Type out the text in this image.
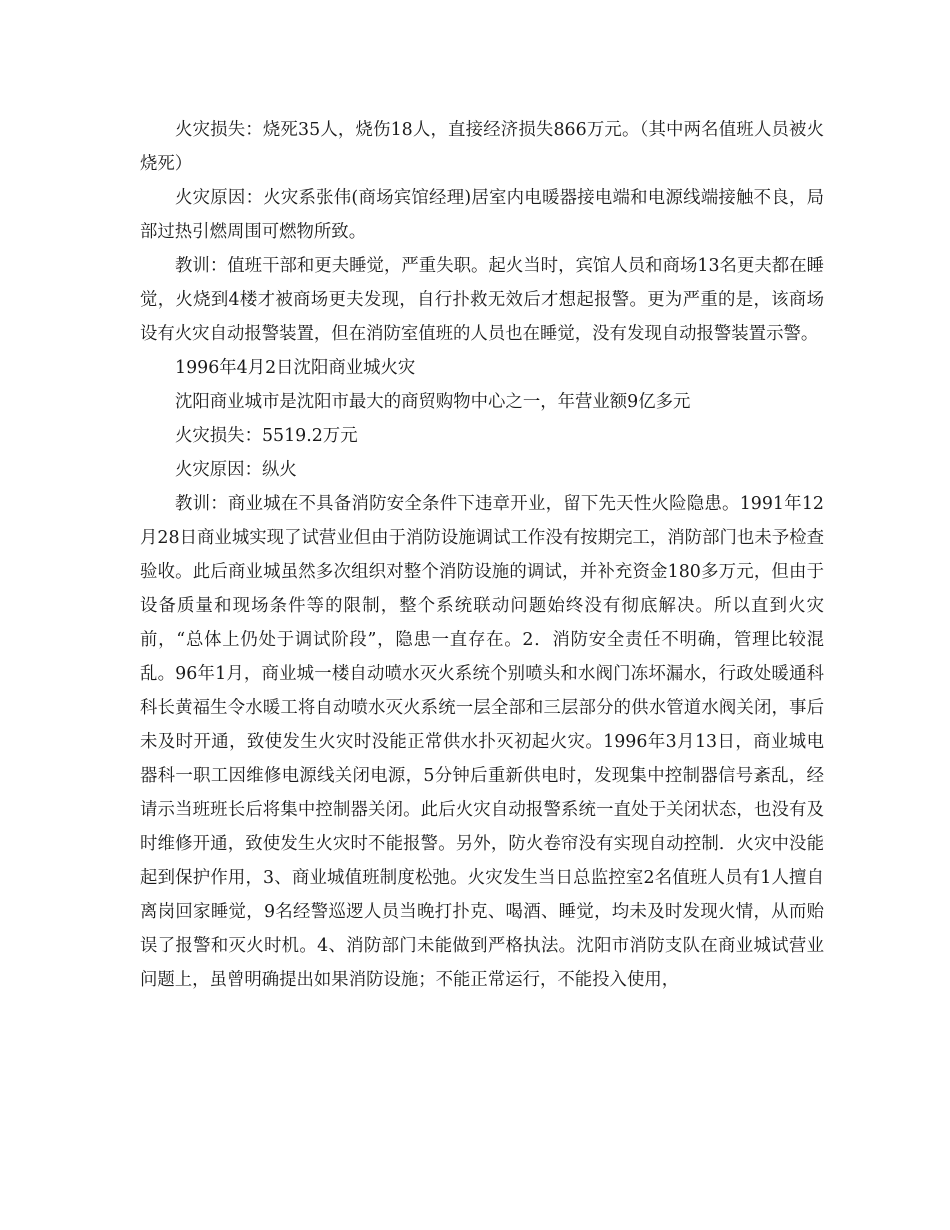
火灾损失：烧死35人，烧伤18人，直接经济损失866万元。（其中两名值班人员被火烧死）

火灾原因：火灾系张伟(商场宾馆经理)居室内电暖器接电端和电源线端接触不良，局部过热引燃周围可燃物所致。

教训：值班干部和更夫睡觉，严重失职。起火当时，宾馆人员和商场13名更夫都在睡觉，火烧到4楼才被商场更夫发现，自行扑救无效后才想起报警。更为严重的是，该商场设有火灾自动报警装置，但在消防室值班的人员也在睡觉，没有发现自动报警装置示警。

1996年4月2日沈阳商业城火灾

沈阳商业城市是沈阳市最大的商贸购物中心之一，年营业额9亿多元

火灾损失：5519.2万元

火灾原因：纵火

教训：商业城在不具备消防安全条件下违章开业，留下先天性火险隐患。1991年12月28日商业城实现了试营业但由于消防设施调试工作没有按期完工，消防部门也未予检查验收。此后商业城虽然多次组织对整个消防设施的调试，并补充资金180多万元，但由于设备质量和现场条件等的限制，整个系统联动问题始终没有彻底解决。所以直到火灾前，“总体上仍处于调试阶段”，隐患一直存在。2．消防安全责任不明确，管理比较混乱。96年1月，商业城一楼自动喷水灭火系统个别喷头和水阀门冻坏漏水，行政处暖通科科长黄福生令水暖工将自动喷水灭火系统一层全部和三层部分的供水管道水阀关闭，事后未及时开通，致使发生火灾时没能正常供水扑灭初起火灾。1996年3月13日，商业城电器科一职工因维修电源线关闭电源，5分钟后重新供电时，发现集中控制器信号紊乱，经请示当班班长后将集中控制器关闭。此后火灾自动报警系统一直处于关闭状态，也没有及时维修开通，致使发生火灾时不能报警。另外，防火卷帘没有实现自动控制．火灾中没能起到保护作用，3、商业城值班制度松弛。火灾发生当日总监控室2名值班人员有1人擅自离岗回家睡觉，9名经警巡逻人员当晚打扑克、喝酒、睡觉，均未及时发现火情，从而贻误了报警和灭火时机。4、消防部门未能做到严格执法。沈阳市消防支队在商业城试营业问题上，虽曾明确提出如果消防设施；不能正常运行，不能投入使用，
